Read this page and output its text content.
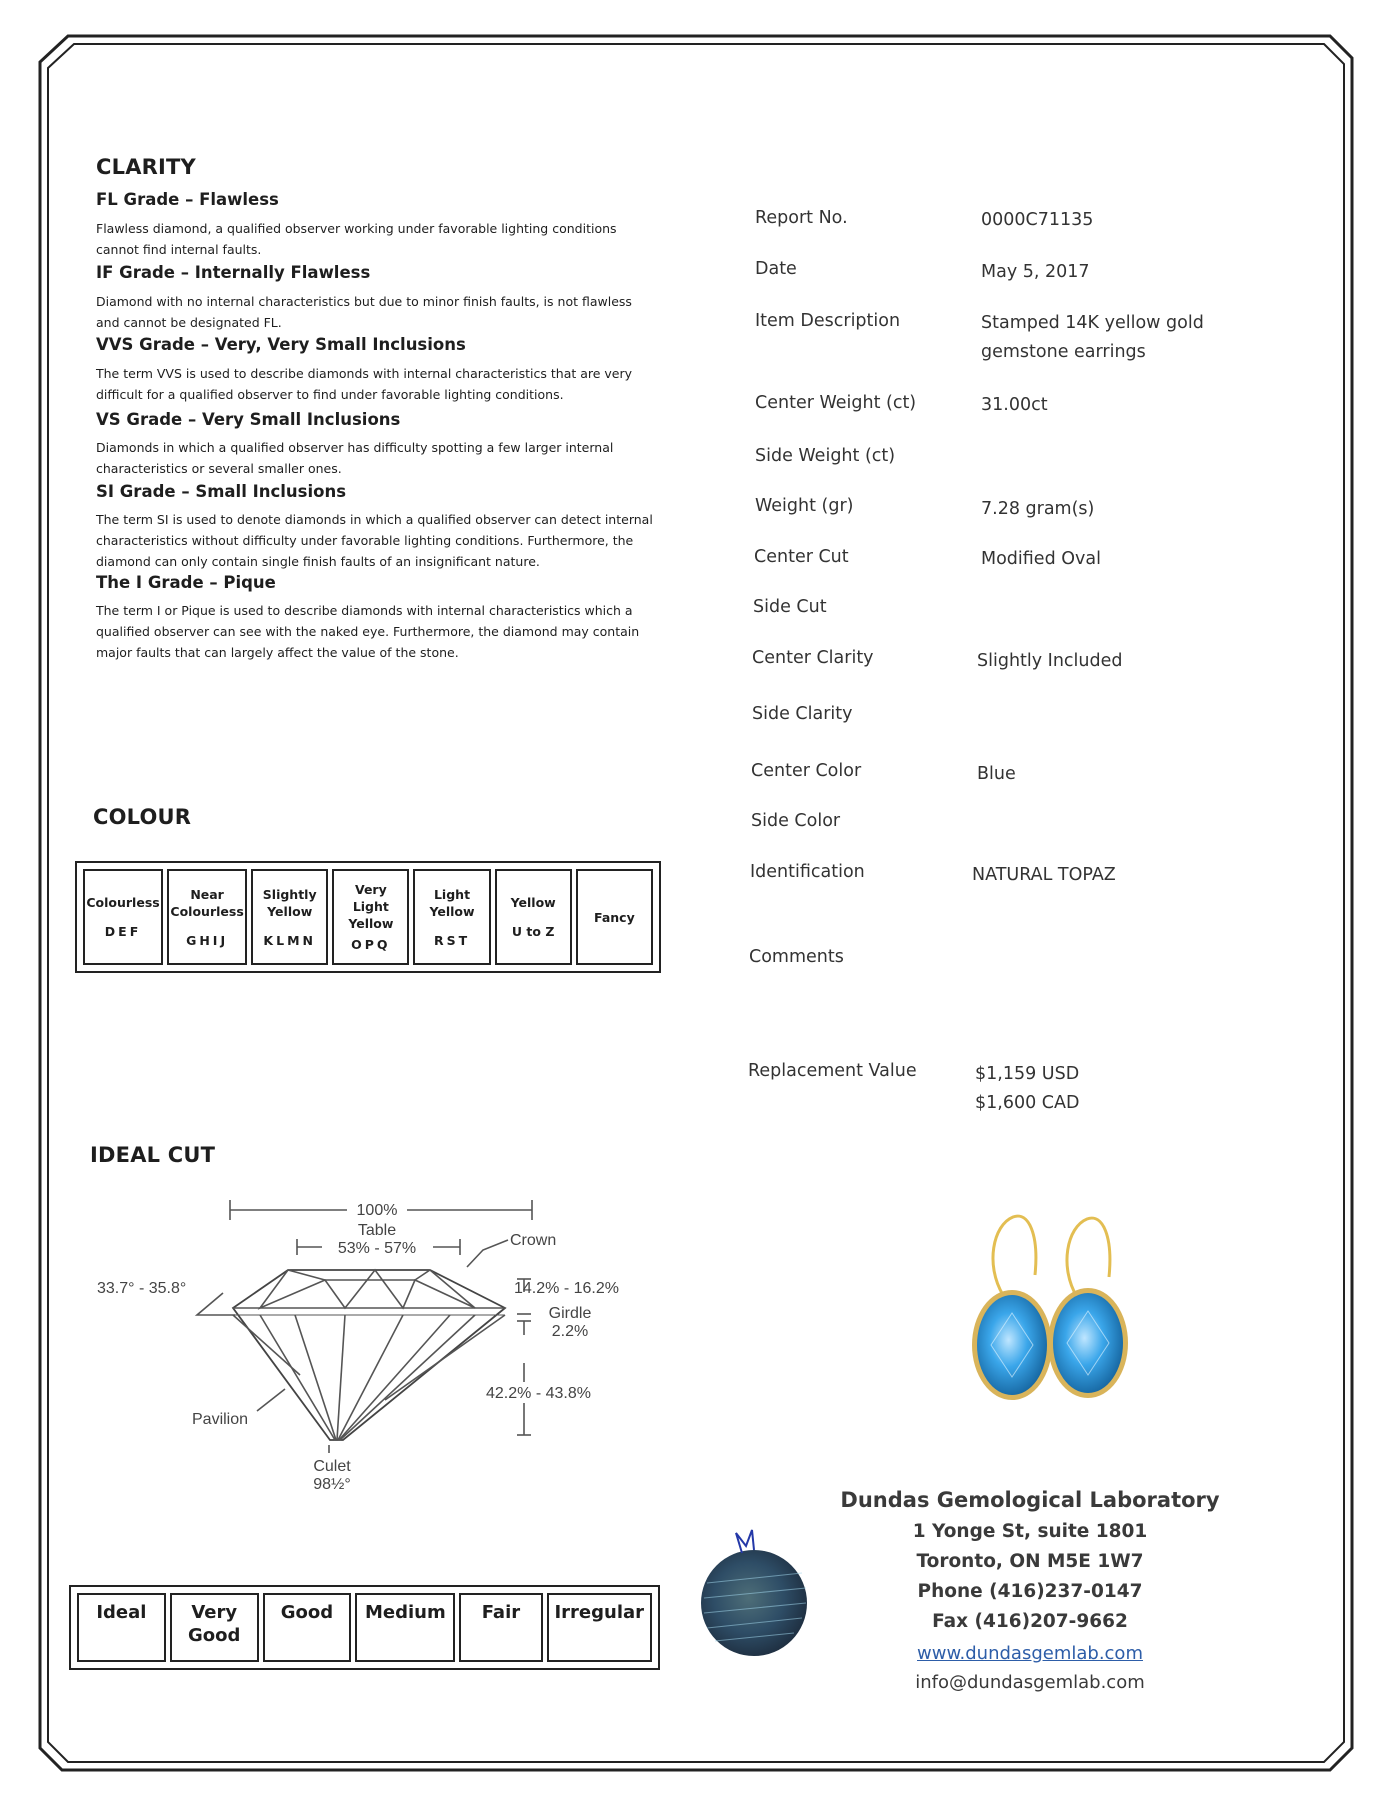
CLARITY
FL Grade – Flawless
Flawless diamond, a qualified observer working under favorable lighting conditions cannot find internal faults.
IF Grade – Internally Flawless
Diamond with no internal characteristics but due to minor finish faults, is not flawless and cannot be designated FL.
VVS Grade – Very, Very Small Inclusions
The term VVS is used to describe diamonds with internal characteristics that are very difficult for a qualified observer to find under favorable lighting conditions.
VS Grade – Very Small Inclusions
Diamonds in which a qualified observer has difficulty spotting a few larger internal characteristics or several smaller ones.
SI Grade – Small Inclusions
The term SI is used to denote diamonds in which a qualified observer can detect internal characteristics without difficulty under favorable lighting conditions. Furthermore, the diamond can only contain single finish faults of an insignificant nature.
The I Grade – Pique
The term I or Pique is used to describe diamonds with internal characteristics which a qualified observer can see with the naked eye. Furthermore, the diamond may contain major faults that can largely affect the value of the stone.
COLOUR
Colourless
DEF
	Near Colourless
GHIJ
	Slightly Yellow
KLMN
	Very Light Yellow
OPQ
	Light Yellow
RST
	Yellow
U to Z
	Fancy
IDEAL CUT
100%
Table
53% - 57%	Crown
33.7° - 35.8°	14.2% - 16.2%
Girdle
2.2%
42.2% - 43.8%
Pavilion
Culet
98½°
Ideal	Very Good	Good	Medium	Fair	Irregular
Report No.	0000C71135
Date	May 5, 2017
Item Description	Stamped 14K yellow gold gemstone earrings
Center Weight (ct)	31.00ct
Side Weight (ct)
Weight (gr)	7.28 gram(s)
Center Cut	Modified Oval
Side Cut
Center Clarity	Slightly Included
Side Clarity
Center Color	Blue
Side Color
Identification	NATURAL TOPAZ
Comments
Replacement Value	$1,159 USD
$1,600 CAD
Dundas Gemological Laboratory
1 Yonge St, suite 1801
Toronto, ON M5E 1W7
Phone (416)237-0147
Fax (416)207-9662
www.dundasgemlab.com
info@dundasgemlab.com
